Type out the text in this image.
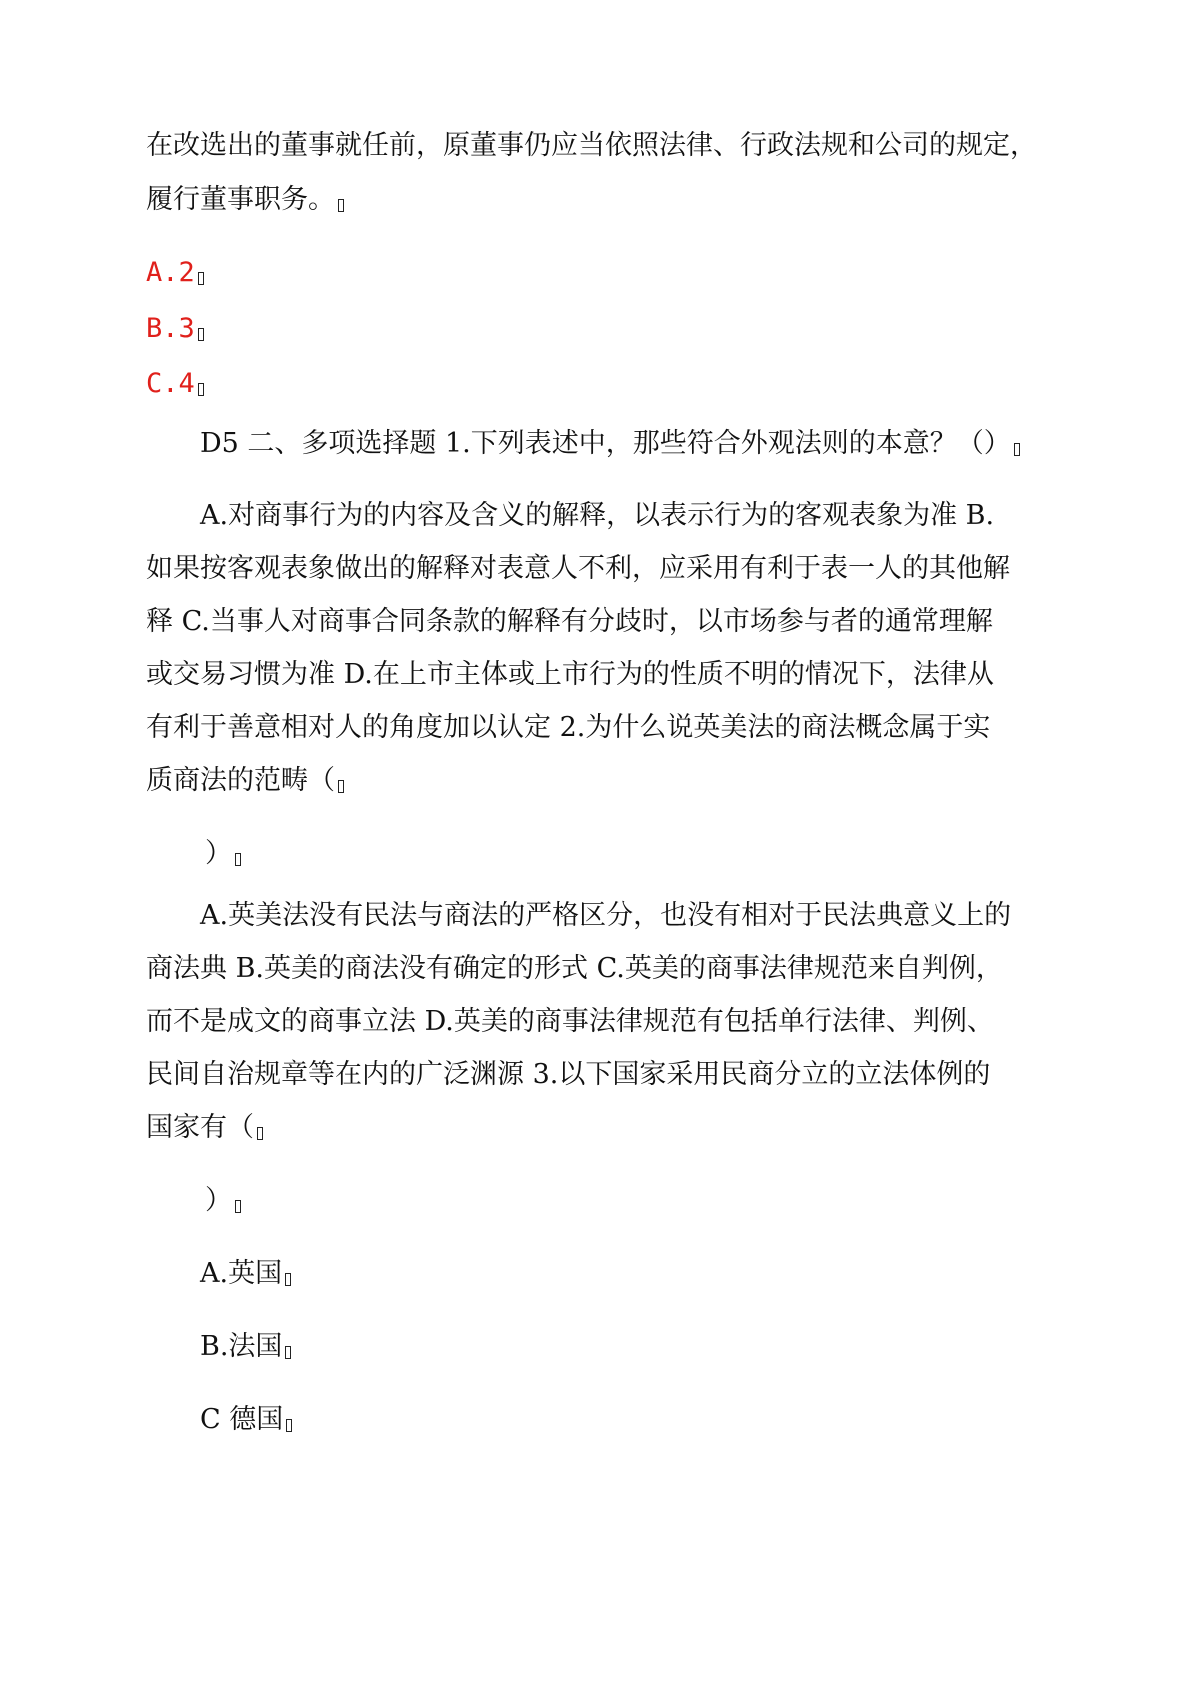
在改选出的董事就任前，原董事仍应当依照法律、行政法规和公司的规定，
履行董事职务。
A.2
B.3
C.4
D5 二、多项选择题 1.下列表述中，那些符合外观法则的本意？（）
A.对商事行为的内容及含义的解释，以表示行为的客观表象为准 B.
如果按客观表象做出的解释对表意人不利，应采用有利于表一人的其他解
释 C.当事人对商事合同条款的解释有分歧时，以市场参与者的通常理解
或交易习惯为准 D.在上市主体或上市行为的性质不明的情况下，法律从
有利于善意相对人的角度加以认定 2.为什么说英美法的商法概念属于实
质商法的范畴（
）
A.英美法没有民法与商法的严格区分，也没有相对于民法典意义上的
商法典 B.英美的商法没有确定的形式 C.英美的商事法律规范来自判例，
而不是成文的商事立法 D.英美的商事法律规范有包括单行法律、判例、
民间自治规章等在内的广泛渊源 3.以下国家采用民商分立的立法体例的
国家有（
）
A.英国
B.法国
C 德国
